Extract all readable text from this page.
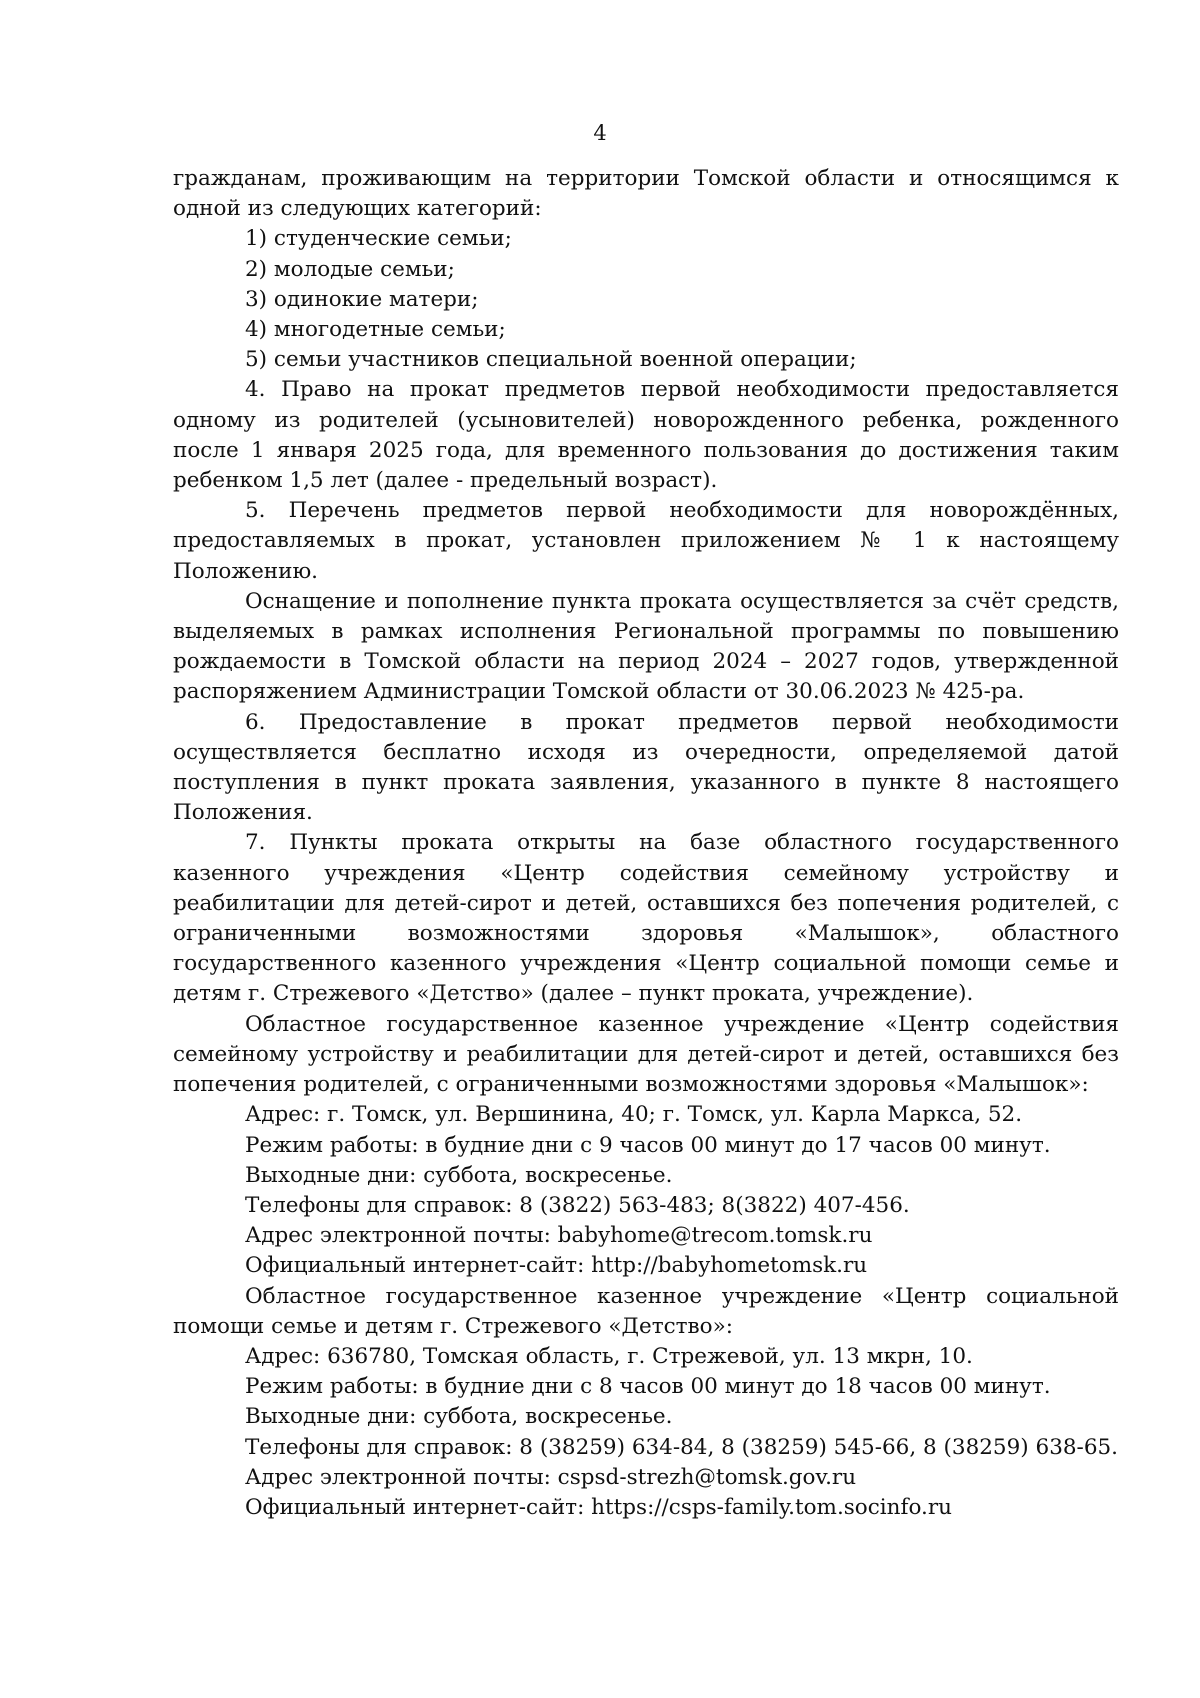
4

гражданам, проживающим на территории Томской области и относящимся к одной из следующих категорий:

1) студенческие семьи;

2) молодые семьи;

3) одинокие матери;

4) многодетные семьи;

5) семьи участников специальной военной операции;

4. Право на прокат предметов первой необходимости предоставляется одному из родителей (усыновителей) новорожденного ребенка, рожденного после 1 января 2025 года, для временного пользования до достижения таким ребенком 1,5 лет (далее - предельный возраст).

5. Перечень предметов первой необходимости для новорождённых, предоставляемых в прокат, установлен приложением № 1 к настоящему Положению.

Оснащение и пополнение пункта проката осуществляется за счёт средств, выделяемых в рамках исполнения Региональной программы по повышению рождаемости в Томской области на период 2024 – 2027 годов, утвержденной распоряжением Администрации Томской области от 30.06.2023 № 425-ра.

6. Предоставление в прокат предметов первой необходимости осуществляется бесплатно исходя из очередности, определяемой датой поступления в пункт проката заявления, указанного в пункте 8 настоящего Положения.

7. Пункты проката открыты на базе областного государственного казенного учреждения «Центр содействия семейному устройству и реабилитации для детей-сирот и детей, оставшихся без попечения родителей, с ограниченными возможностями здоровья «Малышок», областного государственного казенного учреждения «Центр социальной помощи семье и детям г. Стрежевого «Детство» (далее – пункт проката, учреждение).

Областное государственное казенное учреждение «Центр содействия семейному устройству и реабилитации для детей-сирот и детей, оставшихся без попечения родителей, с ограниченными возможностями здоровья «Малышок»:

Адрес: г. Томск, ул. Вершинина, 40; г. Томск, ул. Карла Маркса, 52.

Режим работы: в будние дни с 9 часов 00 минут до 17 часов 00 минут.

Выходные дни: суббота, воскресенье.

Телефоны для справок: 8 (3822) 563-483; 8(3822) 407-456.

Адрес электронной почты: babyhome@trecom.tomsk.ru

Официальный интернет-сайт: http://babyhometomsk.ru

Областное государственное казенное учреждение «Центр социальной помощи семье и детям г. Стрежевого «Детство»:

Адрес: 636780, Томская область, г. Стрежевой, ул. 13 мкрн, 10.

Режим работы: в будние дни с 8 часов 00 минут до 18 часов 00 минут.

Выходные дни: суббота, воскресенье.

Телефоны для справок: 8 (38259) 634-84, 8 (38259) 545-66, 8 (38259) 638-65.

Адрес электронной почты: cspsd-strezh@tomsk.gov.ru

Официальный интернет-сайт: https://csps-family.tom.socinfo.ru
